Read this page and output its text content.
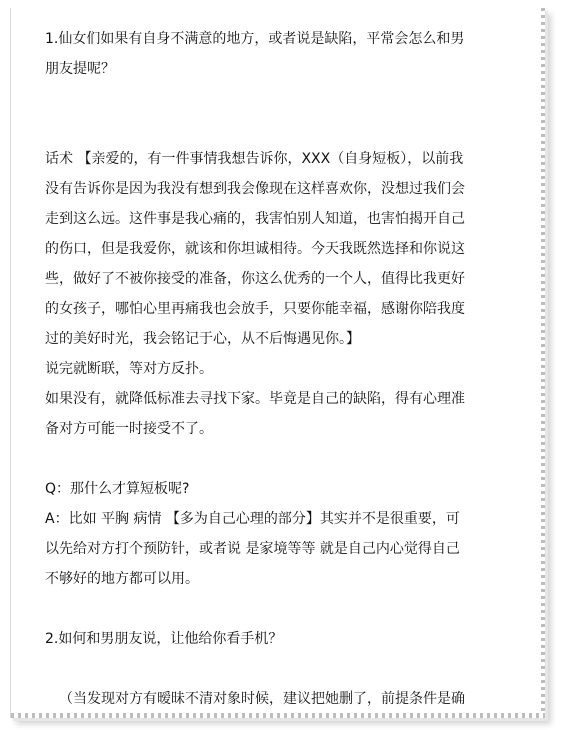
1.仙女们如果有自身不满意的地方，或者说是缺陷，平常会怎么和男

朋友提呢？

话术 【亲爱的，有一件事情我想告诉你，XXX（自身短板），以前我

没有告诉你是因为我没有想到我会像现在这样喜欢你，没想过我们会

走到这么远。这件事是我心痛的，我害怕别人知道，也害怕揭开自己

的伤口，但是我爱你，就该和你坦诚相待。今天我既然选择和你说这

些，做好了不被你接受的准备，你这么优秀的一个人，值得比我更好

的女孩子，哪怕心里再痛我也会放手，只要你能幸福，感谢你陪我度

过的美好时光，我会铭记于心，从不后悔遇见你。】

说完就断联，等对方反扑。

如果没有，就降低标准去寻找下家。毕竟是自己的缺陷，得有心理准

备对方可能一时接受不了。

Q：那什么才算短板呢?

A：比如 平胸 病情 【多为自己心理的部分】其实并不是很重要，可

以先给对方打个预防针，或者说 是家境等等 就是自己内心觉得自己

不够好的地方都可以用。

2.如何和男朋友说，让他给你看手机？

（当发现对方有暧昧不清对象时候，建议把她删了，前提条件是确
